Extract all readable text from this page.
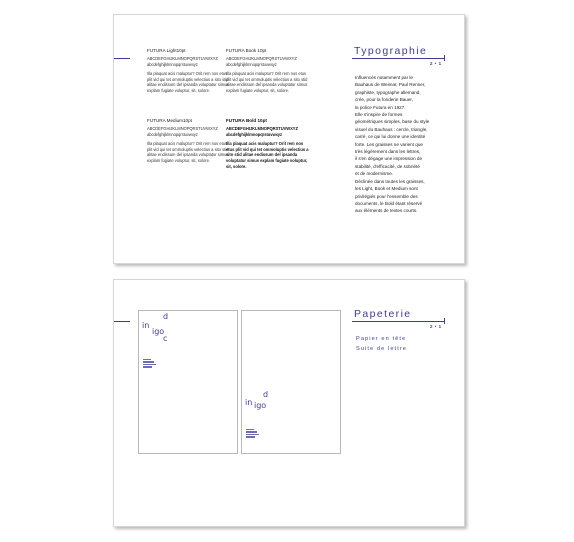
Typographie
2 • 1
FUTURA Light10pt
ABCDEFGHIJKLMNOPQRSTUVWXYZ
abcdefghijklmnopqrstuvwxyz
Illa plaquat acis maluptur? Orit rem nos etus plit vid qui tet ommoluptis velectius a sito stid alitae endissum del ipsanda voluptatur simus explam fugiate voluptur, sit, solore.
FUTURA Book 10pt
ABCDEFGHIJKLMNOPQRSTUVWXYZ
abcdefghijklmnopqrstuvwxyz
Illa plaquat acis maluptur? Orit rem nos etus plit vid qui tet ommoluptis velectius a sito stid alitae endissum del ipsanda voluptatur simus explam fugiate voluptur, sit, solore.
FUTURA Medium10pt
ABCDEFGHIJKLMNOPQRSTUVWXYZ
abcdefghijklmnopqrstuvwxyz
Illa plaquat acis maluptur? Orit rem nos etus plit vid qui tet ommoluptis velectius a sito stid alitae endissum del ipsanda voluptatur simus explam fugiate voluptur, sit, solore.
FUTURA Bold 10pt
ABCDEFGHIJKLMNOPQRSTUVWXYZ
abcdefghijklmnopqrstuvwxyz
Illa plaquat acis maluptur? Orit rem nos etus plit vid qui tet ommoluptis velectius a sito stid alitae endissum del ipsanda voluptatur simus explam fugiate voluptur, sit, solore.
Influencés notamment par le
Bauhaus de Weimar, Paul Renner,
graphiste, typographe allemand,
crée, pour la fonderie Bauer,
la police Futura en 1927.
Elle s'inspire de formes
géométriques simples, base du style
visuel du Bauhaus : cercle, triangle,
carré, ce qui lui donne une identité
forte. Les graisses ne varient que
très légèrement dans les lettres,
il s'en dégage une impression de
stabilité, d'efficacité, de sobriété
et de modernisme.
Déclinée dans toutes les graisses,
les Light, Book et Medium sont
privilégiés pour l'ensemble des
documents, le Bold étant réservé
aux éléments de textes courts.
Papeterie
2 • 1
Papier en tête
Suite de lettre
d
in
igo
c
d
in igo
